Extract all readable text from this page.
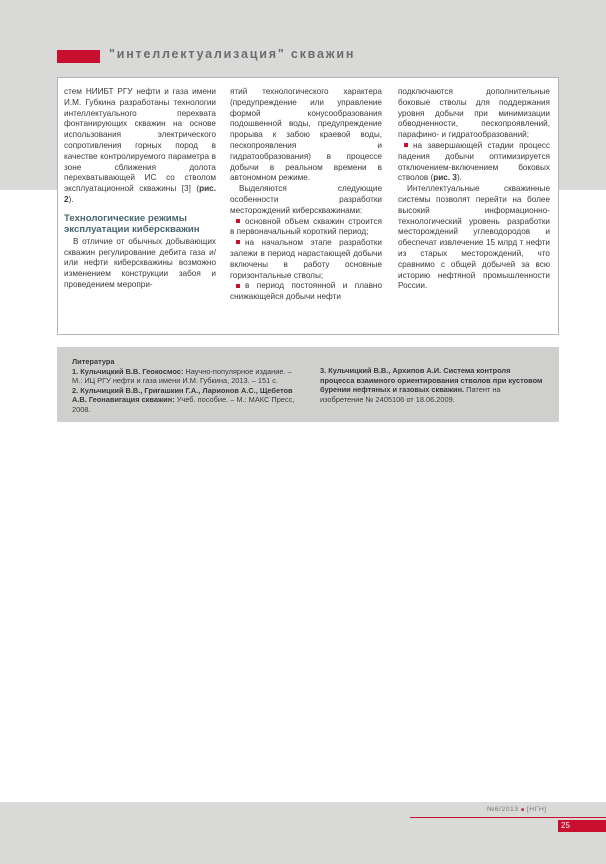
"интеллектуализация" скважин

стем НИИБТ РГУ нефти и газа имени И.М. Губкина разработаны технологии интеллектуального перехвата фонтанирующих скважин на основе использования электрического сопротивления горных пород в качестве контролируемого параметра в зоне сближения долота перехватывающей ИС со стволом эксплуатационной скважины [3] (рис. 2).

Технологические режимы эксплуатации киберскважин

В отличие от обычных добывающих скважин регулирование дебита газа и/или нефти киберскважины возможно изменением конструкции забоя и проведением меропри-

ятий технологического характера (предупреждение или управление формой конусообразования подошвенной воды, предупреждение прорыва к забою краевой воды, пескопроявления и гидратообразования) в процессе добычи в реальном времени в автономном режиме.

Выделяются следующие особенности разработки месторождений киберскважинами:

основной объем скважин строится в первоначальный короткий период;

на начальном этапе разработки залежи в период нарастающей добычи включены в работу основные горизонтальные стволы;

в период постоянной и плавно снижающейся добычи нефти

подключаются дополнительные боковые стволы для поддержания уровня добычи при минимизации обводненности, пескопроявлений, парафино- и гидратообразований;

на завершающей стадии процесс падения добычи оптимизируется отключением-включением боковых стволов (рис. 3).

Интеллектуальные скважинные системы позволят перейти на более высокий информационно-технологический уровень разработки месторождений углеводородов и обеспечат извлечение 15 млрд т нефти из старых месторождений, что сравнимо с общей добычей за всю историю нефтяной промышленности России.

Литература

1. Кульчицкий В.В. Геокосмос: Научно-популярное издание. – М.: ИЦ РГУ нефти и газа имени И.М. Губкина, 2013. – 151 с.

2. Кульчицкий В.В., Григашкин Г.А., Ларионов А.С., Щебетов А.В. Геонавигация скважин: Учеб. пособие. – М.: МАКС Пресс, 2008.

3. Кульчицкий В.В., Архипов А.И. Система контроля процесса взаимного ориентирования стволов при кустовом бурении нефтяных и газовых скважин. Патент на изобретение № 2405106 от 18.06.2009.

№6/2013 ■ [НГН]
25
